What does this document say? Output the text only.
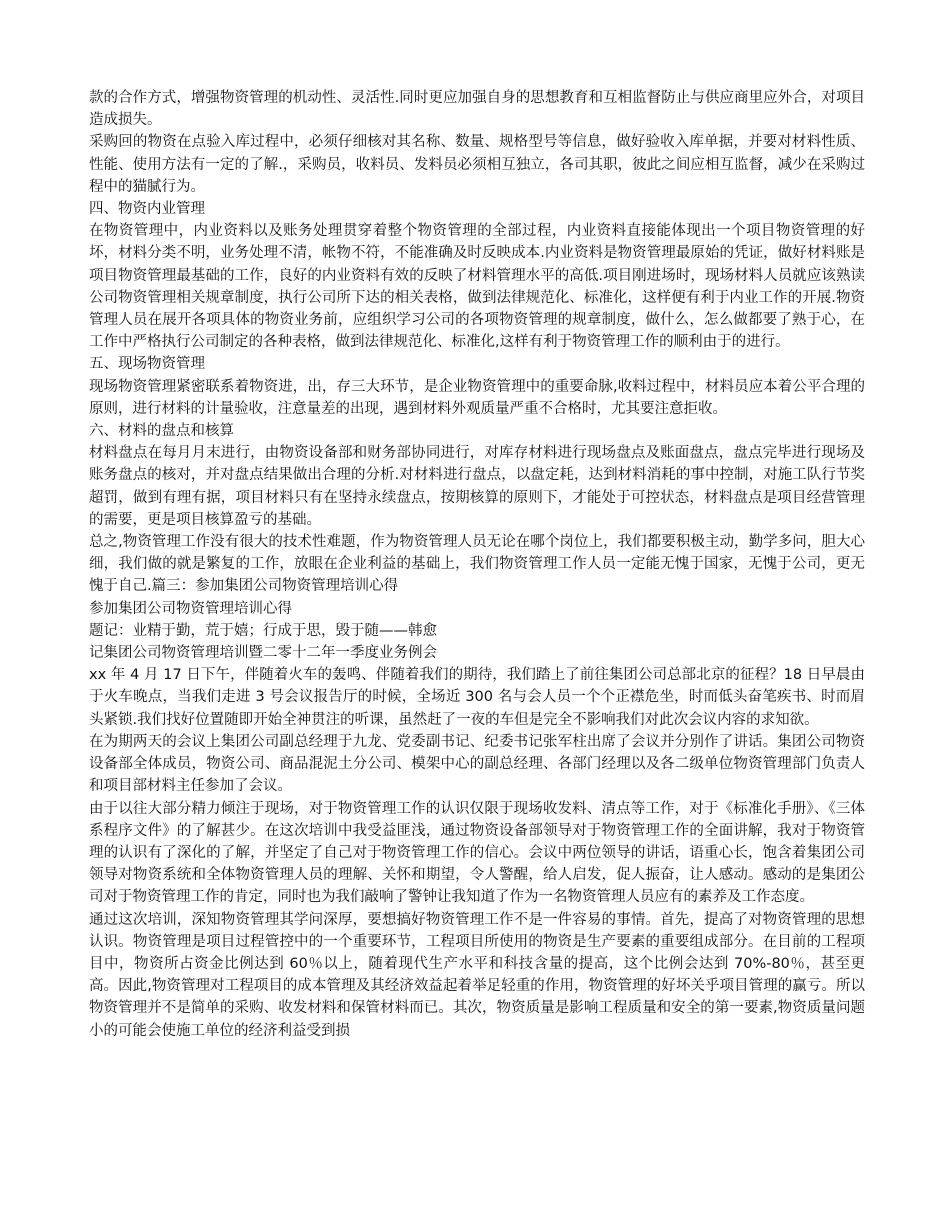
款的合作方式，增强物资管理的机动性、灵活性.同时更应加强自身的思想教育和互相监督防止与供应商里应外合，对项目造成损失。

采购回的物资在点验入库过程中，必须仔细核对其名称、数量、规格型号等信息，做好验收入库单据，并要对材料性质、性能、使用方法有一定的了解.，采购员，收料员、发料员必须相互独立，各司其职，彼此之间应相互监督，减少在采购过程中的猫腻行为。

四、物资内业管理

在物资管理中，内业资料以及账务处理贯穿着整个物资管理的全部过程，内业资料直接能体现出一个项目物资管理的好坏，材料分类不明，业务处理不清，帐物不符，不能准确及时反映成本.内业资料是物资管理最原始的凭证，做好材料账是项目物资管理最基础的工作，良好的内业资料有效的反映了材料管理水平的高低.项目刚进场时，现场材料人员就应该熟读公司物资管理相关规章制度，执行公司所下达的相关表格，做到法律规范化、标准化，这样便有利于内业工作的开展.物资管理人员在展开各项具体的物资业务前，应组织学习公司的各项物资管理的规章制度，做什么，怎么做都要了熟于心，在工作中严格执行公司制定的各种表格，做到法律规范化、标准化,这样有利于物资管理工作的顺利由于的进行。

五、现场物资管理

现场物资管理紧密联系着物资进，出，存三大环节，是企业物资管理中的重要命脉,收料过程中，材料员应本着公平合理的原则，进行材料的计量验收，注意量差的出现，遇到材料外观质量严重不合格时，尤其要注意拒收。

六、材料的盘点和核算

材料盘点在每月月末进行，由物资设备部和财务部协同进行，对库存材料进行现场盘点及账面盘点，盘点完毕进行现场及账务盘点的核对，并对盘点结果做出合理的分析.对材料进行盘点，以盘定耗，达到材料消耗的事中控制，对施工队行节奖超罚，做到有理有据，项目材料只有在坚持永续盘点，按期核算的原则下，才能处于可控状态，材料盘点是项目经营管理的需要，更是项目核算盈亏的基础。

总之,物资管理工作没有很大的技术性难题，作为物资管理人员无论在哪个岗位上，我们都要积极主动，勤学多问，胆大心细，我们做的就是繁复的工作，放眼在企业利益的基础上，我们物资管理工作人员一定能无愧于国家，无愧于公司，更无愧于自己.篇三：参加集团公司物资管理培训心得

参加集团公司物资管理培训心得

题记：业精于勤，荒于嬉；行成于思，毁于随——韩愈

记集团公司物资管理培训暨二零十二年一季度业务例会

xx 年 4 月 17 日下午，伴随着火车的轰鸣、伴随着我们的期待，我们踏上了前往集团公司总部北京的征程？18 日早晨由于火车晚点，当我们走进 3 号会议报告厅的时候，全场近 300 名与会人员一个个正襟危坐，时而低头奋笔疾书、时而眉头紧锁.我们找好位置随即开始全神贯注的听课，虽然赶了一夜的车但是完全不影响我们对此次会议内容的求知欲。

在为期两天的会议上集团公司副总经理于九龙、党委副书记、纪委书记张军柱出席了会议并分别作了讲话。集团公司物资设备部全体成员，物资公司、商品混泥土分公司、模架中心的副总经理、各部门经理以及各二级单位物资管理部门负责人和项目部材料主任参加了会议。

由于以往大部分精力倾注于现场，对于物资管理工作的认识仅限于现场收发料、清点等工作，对于《标准化手册》、《三体系程序文件》的了解甚少。在这次培训中我受益匪浅，通过物资设备部领导对于物资管理工作的全面讲解，我对于物资管理的认识有了深化的了解，并坚定了自己对于物资管理工作的信心。会议中两位领导的讲话，语重心长，饱含着集团公司领导对物资系统和全体物资管理人员的理解、关怀和期望，令人警醒，给人启发，促人振奋，让人感动。感动的是集团公司对于物资管理工作的肯定，同时也为我们敲响了警钟让我知道了作为一名物资管理人员应有的素养及工作态度。

通过这次培训，深知物资管理其学问深厚，要想搞好物资管理工作不是一件容易的事情。首先，提高了对物资管理的思想认识。物资管理是项目过程管控中的一个重要环节，工程项目所使用的物资是生产要素的重要组成部分。在目前的工程项目中，物资所占资金比例达到 60％以上，随着现代生产水平和科技含量的提高，这个比例会达到 70%-80％，甚至更高。因此,物资管理对工程项目的成本管理及其经济效益起着举足轻重的作用，物资管理的好坏关乎项目管理的赢亏。所以物资管理并不是简单的采购、收发材料和保管材料而已。其次，物资质量是影响工程质量和安全的第一要素,物资质量问题小的可能会使施工单位的经济利益受到损
